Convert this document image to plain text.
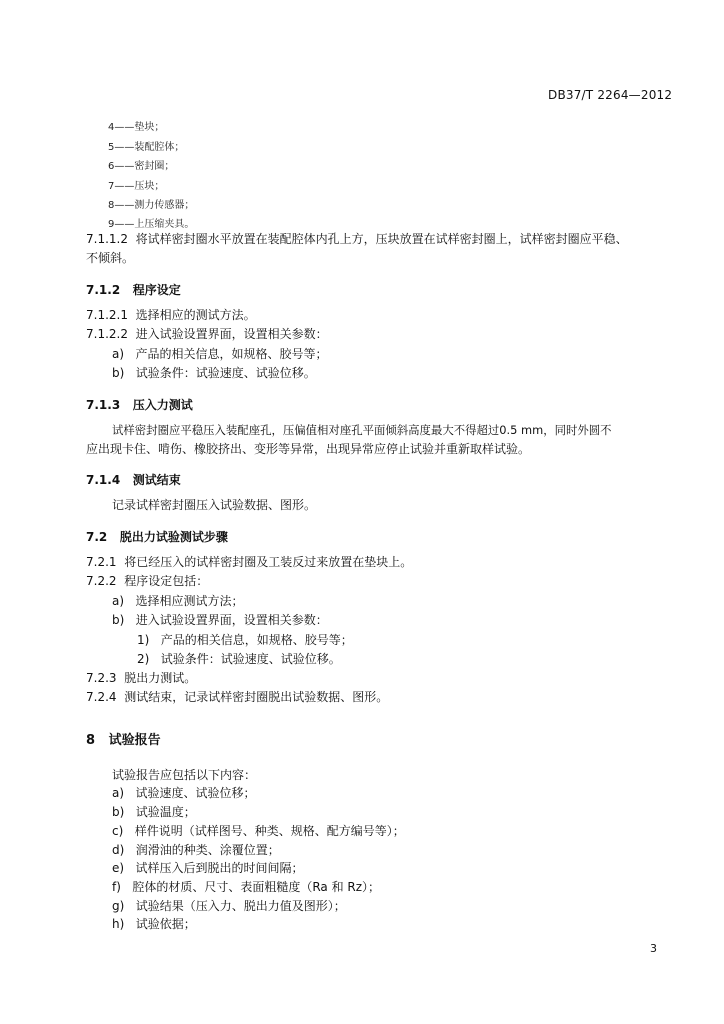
DB37/T 2264—2012
4——垫块；
5——装配腔体；
6——密封圈；
7——压块；
8——测力传感器；
9——上压缩夹具。
7.1.1.2 将试样密封圈水平放置在装配腔体内孔上方，压块放置在试样密封圈上，试样密封圈应平稳、
不倾斜。
7.1.2 程序设定
7.1.2.1 选择相应的测试方法。
7.1.2.2 进入试验设置界面，设置相关参数：
a) 产品的相关信息，如规格、胶号等；
b) 试验条件：试验速度、试验位移。
7.1.3 压入力测试
试样密封圈应平稳压入装配座孔，压偏值相对座孔平面倾斜高度最大不得超过0.5 mm，同时外圆不
应出现卡住、啃伤、橡胶挤出、变形等异常，出现异常应停止试验并重新取样试验。
7.1.4 测试结束
记录试样密封圈压入试验数据、图形。
7.2 脱出力试验测试步骤
7.2.1 将已经压入的试样密封圈及工装反过来放置在垫块上。
7.2.2 程序设定包括：
a) 选择相应测试方法；
b) 进入试验设置界面，设置相关参数：
1) 产品的相关信息，如规格、胶号等；
2) 试验条件：试验速度、试验位移。
7.2.3 脱出力测试。
7.2.4 测试结束，记录试样密封圈脱出试验数据、图形。
8 试验报告
试验报告应包括以下内容：
a) 试验速度、试验位移；
b) 试验温度；
c) 样件说明（试样图号、种类、规格、配方编号等）；
d) 润滑油的种类、涂覆位置；
e) 试样压入后到脱出的时间间隔；
f) 腔体的材质、尺寸、表面粗糙度（Ra 和 Rz）；
g) 试验结果（压入力、脱出力值及图形）；
h) 试验依据；
3
